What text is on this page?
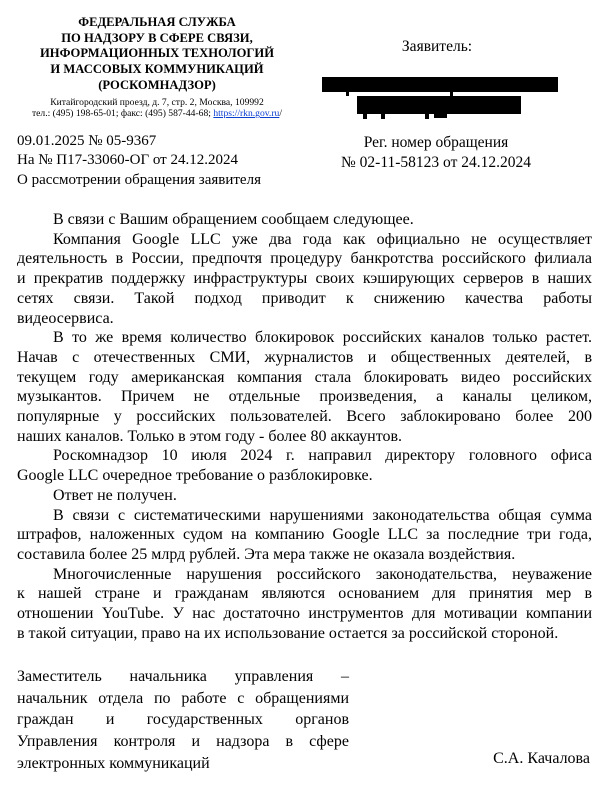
ФЕДЕРАЛЬНАЯ СЛУЖБА
ПО НАДЗОРУ В СФЕРЕ СВЯЗИ,
ИНФОРМАЦИОННЫХ ТЕХНОЛОГИЙ
И МАССОВЫХ КОММУНИКАЦИЙ
(РОСКОМНАДЗОР)
Китайгородский проезд, д. 7, стр. 2, Москва, 109992
тел.: (495) 198-65-01; факс: (495) 587-44-68; https://rkn.gov.ru/
Заявитель:
Рег. номер обращения
№ 02-11-58123 от 24.12.2024
09.01.2025 № 05-9367
На № П17-33060-ОГ от 24.12.2024
О рассмотрении обращения заявителя
В связи с Вашим обращением сообщаем следующее.
Компания Google LLC уже два года как официально не осуществляет
деятельность в России, предпочтя процедуру банкротства российского филиала
и прекратив поддержку инфраструктуры своих кэширующих серверов в наших
сетях связи. Такой подход приводит к снижению качества работы
видеосервиса.
В то же время количество блокировок российских каналов только растет.
Начав с отечественных СМИ, журналистов и общественных деятелей, в
текущем году американская компания стала блокировать видео российских
музыкантов. Причем не отдельные произведения, а каналы целиком,
популярные у российских пользователей. Всего заблокировано более 200
наших каналов. Только в этом году - более 80 аккаунтов.
Роскомнадзор 10 июля 2024 г. направил директору головного офиса
Google LLC очередное требование о разблокировке.
Ответ не получен.
В связи с систематическими нарушениями законодательства общая сумма
штрафов, наложенных судом на компанию Google LLC за последние три года,
составила более 25 млрд рублей. Эта мера также не оказала воздействия.
Многочисленные нарушения российского законодательства, неуважение
к нашей стране и гражданам являются основанием для принятия мер в
отношении YouTube. У нас достаточно инструментов для мотивации компании
в такой ситуации, право на их использование остается за российской стороной.
Заместитель начальника управления –
начальник отдела по работе с обращениями
граждан и государственных органов
Управления контроля и надзора в сфере
электронных коммуникаций	С.А. Качалова
